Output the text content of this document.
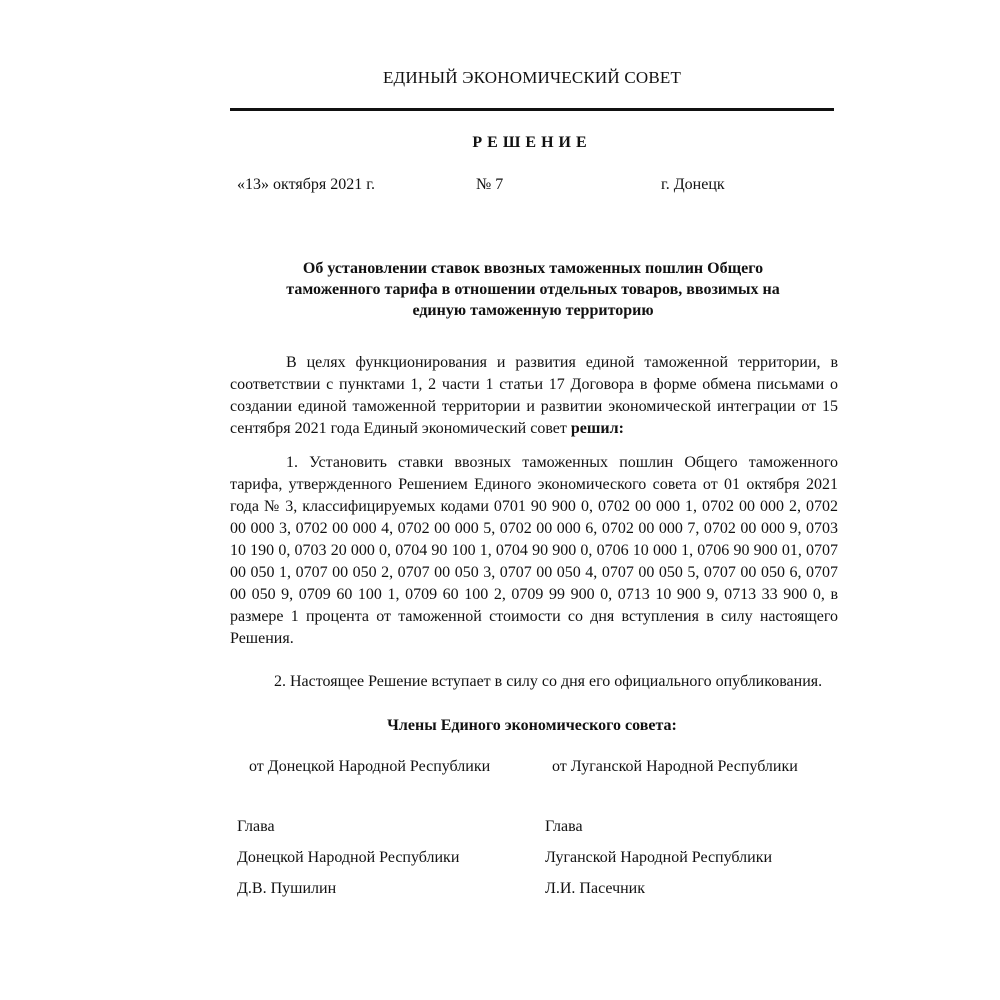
ЕДИНЫЙ ЭКОНОМИЧЕСКИЙ СОВЕТ
РЕШЕНИЕ
«13» октября 2021 г.	№ 7	г. Донецк
Об установлении ставок ввозных таможенных пошлин Общего таможенного тарифа в отношении отдельных товаров, ввозимых на единую таможенную территорию

В целях функционирования и развития единой таможенной территории, в соответствии с пунктами 1, 2 части 1 статьи 17 Договора в форме обмена письмами о создании единой таможенной территории и развитии экономической интеграции от 15 сентября 2021 года Единый экономический совет решил:

1. Установить ставки ввозных таможенных пошлин Общего таможенного тарифа, утвержденного Решением Единого экономического совета от 01 октября 2021 года № 3, классифицируемых кодами 0701 90 900 0, 0702 00 000 1, 0702 00 000 2, 0702 00 000 3, 0702 00 000 4, 0702 00 000 5, 0702 00 000 6, 0702 00 000 7, 0702 00 000 9, 0703 10 190 0, 0703 20 000 0, 0704 90 100 1, 0704 90 900 0, 0706 10 000 1, 0706 90 900 01, 0707 00 050 1, 0707 00 050 2, 0707 00 050 3, 0707 00 050 4, 0707 00 050 5, 0707 00 050 6, 0707 00 050 9, 0709 60 100 1, 0709 60 100 2, 0709 99 900 0, 0713 10 900 9, 0713 33 900 0, в размере 1 процента от таможенной стоимости со дня вступления в силу настоящего Решения.

2. Настоящее Решение вступает в силу со дня его официального опубликования.

Члены Единого экономического совета:
от Донецкой Народной Республики	от Луганской Народной Республики
Глава	Глава
Донецкой Народной Республики	Луганской Народной Республики
Д.В. Пушилин	Л.И. Пасечник
